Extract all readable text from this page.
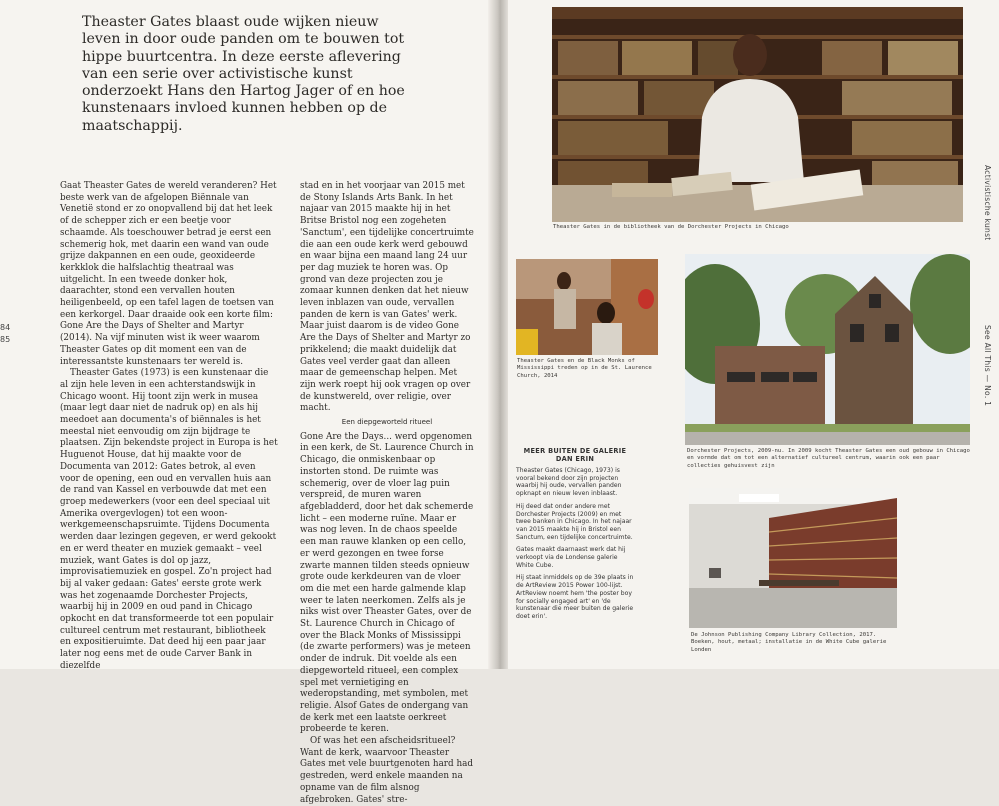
Theaster Gates blaast oude wijken nieuw leven in door oude panden om te bouwen tot hippe buurtcentra. In deze eerste aflevering van een serie over activistische kunst onderzoekt Hans den Hartog Jager of en hoe kunstenaars invloed kunnen hebben op de maatschappij.
84
85

Gaat Theaster Gates de wereld veranderen? Het beste werk van de afgelopen Biënnale van Venetië stond er zo onopvallend bij dat het leek of de schepper zich er een beetje voor schaamde. Als toeschouwer betrad je eerst een schemerig hok, met daarin een wand van oude grijze dakpannen en een oude, geoxideerde kerkklok die halfslachtig theatraal was uitgelicht. In een tweede donker hok, daarachter, stond een vervallen houten heiligenbeeld, op een tafel lagen de toetsen van een kerkorgel. Daar draaide ook een korte film: Gone Are the Days of Shelter and Martyr (2014). Na vijf minuten wist ik weer waarom Theaster Gates op dit moment een van de interessantste kunstenaars ter wereld is.

Theaster Gates (1973) is een kunstenaar die al zijn hele leven in een achterstandswijk in Chicago woont. Hij toont zijn werk in musea (maar legt daar niet de nadruk op) en als hij meedoet aan documenta's of biënnales is het meestal niet eenvoudig om zijn bijdrage te plaatsen. Zijn bekendste project in Europa is het Huguenot House, dat hij maakte voor de Documenta van 2012: Gates betrok, al even voor de opening, een oud en vervallen huis aan de rand van Kassel en verbouwde dat met een groep medewerkers (voor een deel speciaal uit Amerika overgevlogen) tot een woon-werkgemeenschapsruimte. Tijdens Documenta werden daar lezingen gegeven, er werd gekookt en er werd theater en muziek gemaakt – veel muziek, want Gates is dol op jazz, improvisatiemuziek en gospel. Zo'n project had bij al vaker gedaan: Gates' eerste grote werk was het zogenaamde Dorchester Projects, waarbij hij in 2009 en oud pand in Chicago opkocht en dat transformeerde tot een populair cultureel centrum met restaurant, bibliotheek en expositieruimte. Dat deed hij een paar jaar later nog eens met de oude Carver Bank in diezelfde

stad en in het voorjaar van 2015 met de Stony Islands Arts Bank. In het najaar van 2015 maakte hij in het Britse Bristol nog een zogeheten 'Sanctum', een tijdelijke concertruimte die aan een oude kerk werd gebouwd en waar bijna een maand lang 24 uur per dag muziek te horen was. Op grond van deze projecten zou je zomaar kunnen denken dat het nieuw leven inblazen van oude, vervallen panden de kern is van Gates' werk. Maar juist daarom is de video Gone Are the Days of Shelter and Martyr zo prikkelend; die maakt duidelijk dat Gates veel verder gaat dan alleen maar de gemeenschap helpen. Met zijn werk roept hij ook vragen op over de kunstwereld, over religie, over macht.

Een diepgeworteld ritueel

Gone Are the Days... werd opgenomen in een kerk, de St. Laurence Church in Chicago, die onmiskenbaar op instorten stond. De ruimte was schemerig, over de vloer lag puin verspreid, de muren waren afgebladderd, door het dak schemerde licht – een moderne ruïne. Maar er was nog leven. In de chaos speelde een man rauwe klanken op een cello, er werd gezongen en twee forse zwarte mannen tilden steeds opnieuw grote oude kerkdeuren van de vloer om die met een harde galmende klap weer te laten neerkomen. Zelfs als je niks wist over Theaster Gates, over de St. Laurence Church in Chicago of over the Black Monks of Mississippi (de zwarte performers) was je meteen onder de indruk. Dit voelde als een diepgeworteld ritueel, een complex spel met vernietiging en wederopstanding, met symbolen, met religie. Alsof Gates de ondergang van de kerk met een laatste oerkreet probeerde te keren.

Of was het een afscheidsritueel? Want de kerk, waarvoor Theaster Gates met vele buurtgenoten hard had gestreden, werd enkele maanden na opname van de film alsnog afgebroken. Gates' stre-

Theaster Gates in de bibliotheek van de Dorchester Projects in Chicago
Theaster Gates en de Black Monks of Mississippi treden op in de St. Laurence Church, 2014
Dorchester Projects, 2009-nu. In 2009 kocht Theaster Gates een oud gebouw in Chicago en vormde dat om tot een alternatief cultureel centrum, waarin ook een paar collecties gehuisvest zijn
De Johnson Publishing Company Library Collection, 2017. Boeken, hout, metaal; installatie in de White Cube galerie Londen
MEER BUITEN DE GALERIE DAN ERIN

Theaster Gates (Chicago, 1973) is vooral bekend door zijn projecten waarbij hij oude, vervallen panden opknapt en nieuw leven inblaast.

Hij deed dat onder andere met Dorchester Projects (2009) en met twee banken in Chicago. In het najaar van 2015 maakte hij in Bristol een Sanctum, een tijdelijke concertruimte.

Gates maakt daarnaast werk dat hij verkoopt via de Londense galerie White Cube.

Hij staat inmiddels op de 39e plaats in de ArtReview 2015 Power 100-lijst. ArtReview noemt hem 'the poster boy for socially engaged art' en 'de kunstenaar die meer buiten de galerie doet erin'.

Activistische kunst
See All This — No. 1
